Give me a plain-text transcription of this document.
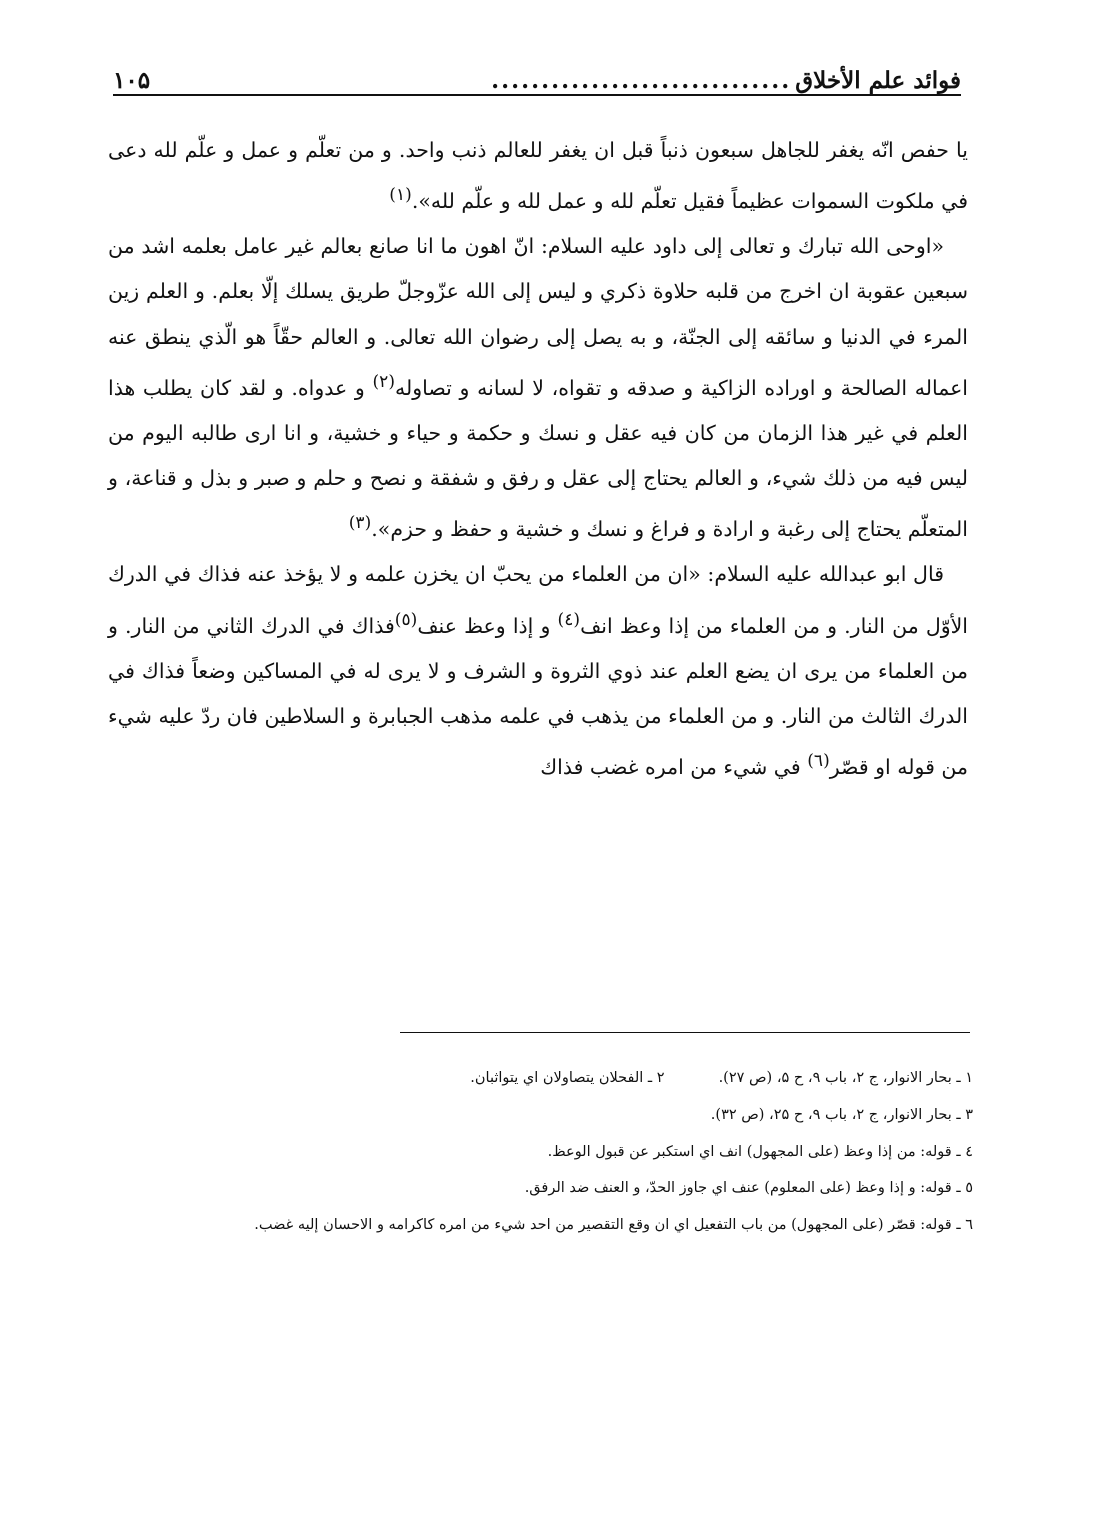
فوائد علم الأخلاق
..............................
۱۰۵

يا حفص انّه يغفر للجاهل سبعون ذنباً قبل ان يغفر للعالم ذنب واحد. و من تعلّم و عمل و علّم لله دعى في ملكوت السموات عظيماً فقيل تعلّم لله و عمل لله و علّم لله».$^{(۱)}$

«اوحى الله تبارك و تعالى إلى داود عليه السلام: انّ اهون ما انا صانع بعالم غير عامل بعلمه اشد من سبعين عقوبة ان اخرج من قلبه حلاوة ذكري و ليس إلى الله عزّوجلّ طريق يسلك إلّا بعلم. و العلم زين المرء في الدنيا و سائقه إلى الجنّة، و به يصل إلى رضوان الله تعالى. و العالم حقّاً هو الّذي ينطق عنه اعماله الصالحة و اوراده الزاكية و صدقه و تقواه، لا لسانه و تصاوله$^{(۲)}$ و عدواه. و لقد كان يطلب هذا العلم في غير هذا الزمان من كان فيه عقل و نسك و حكمة و حياء و خشية، و انا ارى طالبه اليوم من ليس فيه من ذلك شيء، و العالم يحتاج إلى عقل و رفق و شفقة و نصح و حلم و صبر و بذل و قناعة، و المتعلّم يحتاج إلى رغبة و ارادة و فراغ و نسك و خشية و حفظ و حزم».$^{(۳)}$

قال ابو عبدالله عليه السلام: «ان من العلماء من يحبّ ان يخزن علمه و لا يؤخذ عنه فذاك في الدرك الأوّل من النار. و من العلماء من إذا وعظ انف$^{(٤)}$ و إذا وعظ عنف$^{(٥)}$فذاك في الدرك الثاني من النار. و من العلماء من يرى ان يضع العلم عند ذوي الثروة و الشرف و لا يرى له في المساكين وضعاً فذاك في الدرك الثالث من النار. و من العلماء من يذهب في علمه مذهب الجبابرة و السلاطين فان ردّ عليه شيء من قوله او قصّر$^{(٦)}$ في شيء من امره غضب فذاك

۱ ـ بحار الانوار، ج ۲، باب ۹، ح ۵، (ص ۲۷).
۲ ـ الفحلان يتصاولان اي يتواثبان.
۳ ـ بحار الانوار، ج ۲، باب ۹، ح ۲۵، (ص ۳۲).
٤ ـ قوله: من إذا وعظ (على المجهول) انف اي استكبر عن قبول الوعظ.
٥ ـ قوله: و إذا وعظ (على المعلوم) عنف اي جاوز الحدّ، و العنف ضد الرفق.
٦ ـ قوله: قصّر (على المجهول) من باب التفعيل اي ان وقع التقصير من احد شيء من امره كاكرامه و الاحسان إليه غضب.
